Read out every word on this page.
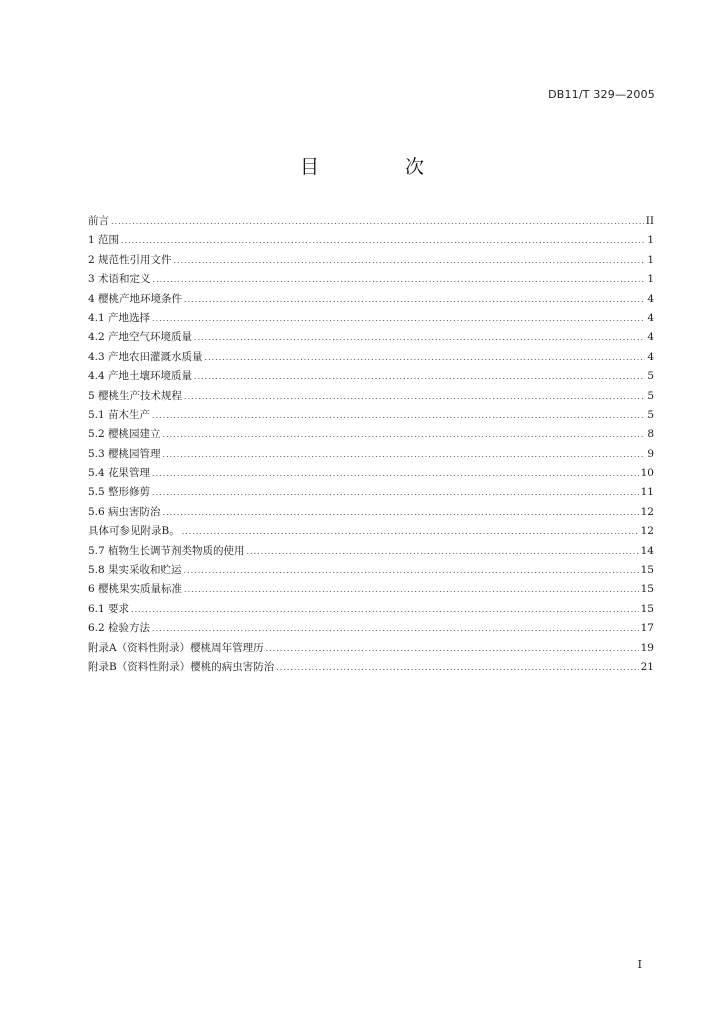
DB11/T 329—2005
目 次
前言 .....	II
1 范围 .....	1
2 规范性引用文件 .....	1
3 术语和定义 .....	1
4 樱桃产地环境条件 .....	4
4.1 产地选择 .....	4
4.2 产地空气环境质量 .....	4
4.3 产地农田灌溉水质量 .....	4
4.4 产地土壤环境质量 .....	5
5 樱桃生产技术规程 .....	5
5.1 苗木生产 .....	5
5.2 樱桃园建立 .....	8
5.3 樱桃园管理 .....	9
5.4 花果管理 .....	10
5.5 整形修剪 .....	11
5.6 病虫害防治 .....	12
具体可参见附录B。 .....	12
5.7 植物生长调节剂类物质的使用 .....	14
5.8 果实采收和贮运 .....	15
6 樱桃果实质量标准 .....	15
6.1 要求 .....	15
6.2 检验方法 .....	17
附录A（资料性附录）樱桃周年管理历 .....	19
附录B（资料性附录）樱桃的病虫害防治 .....	21
I
